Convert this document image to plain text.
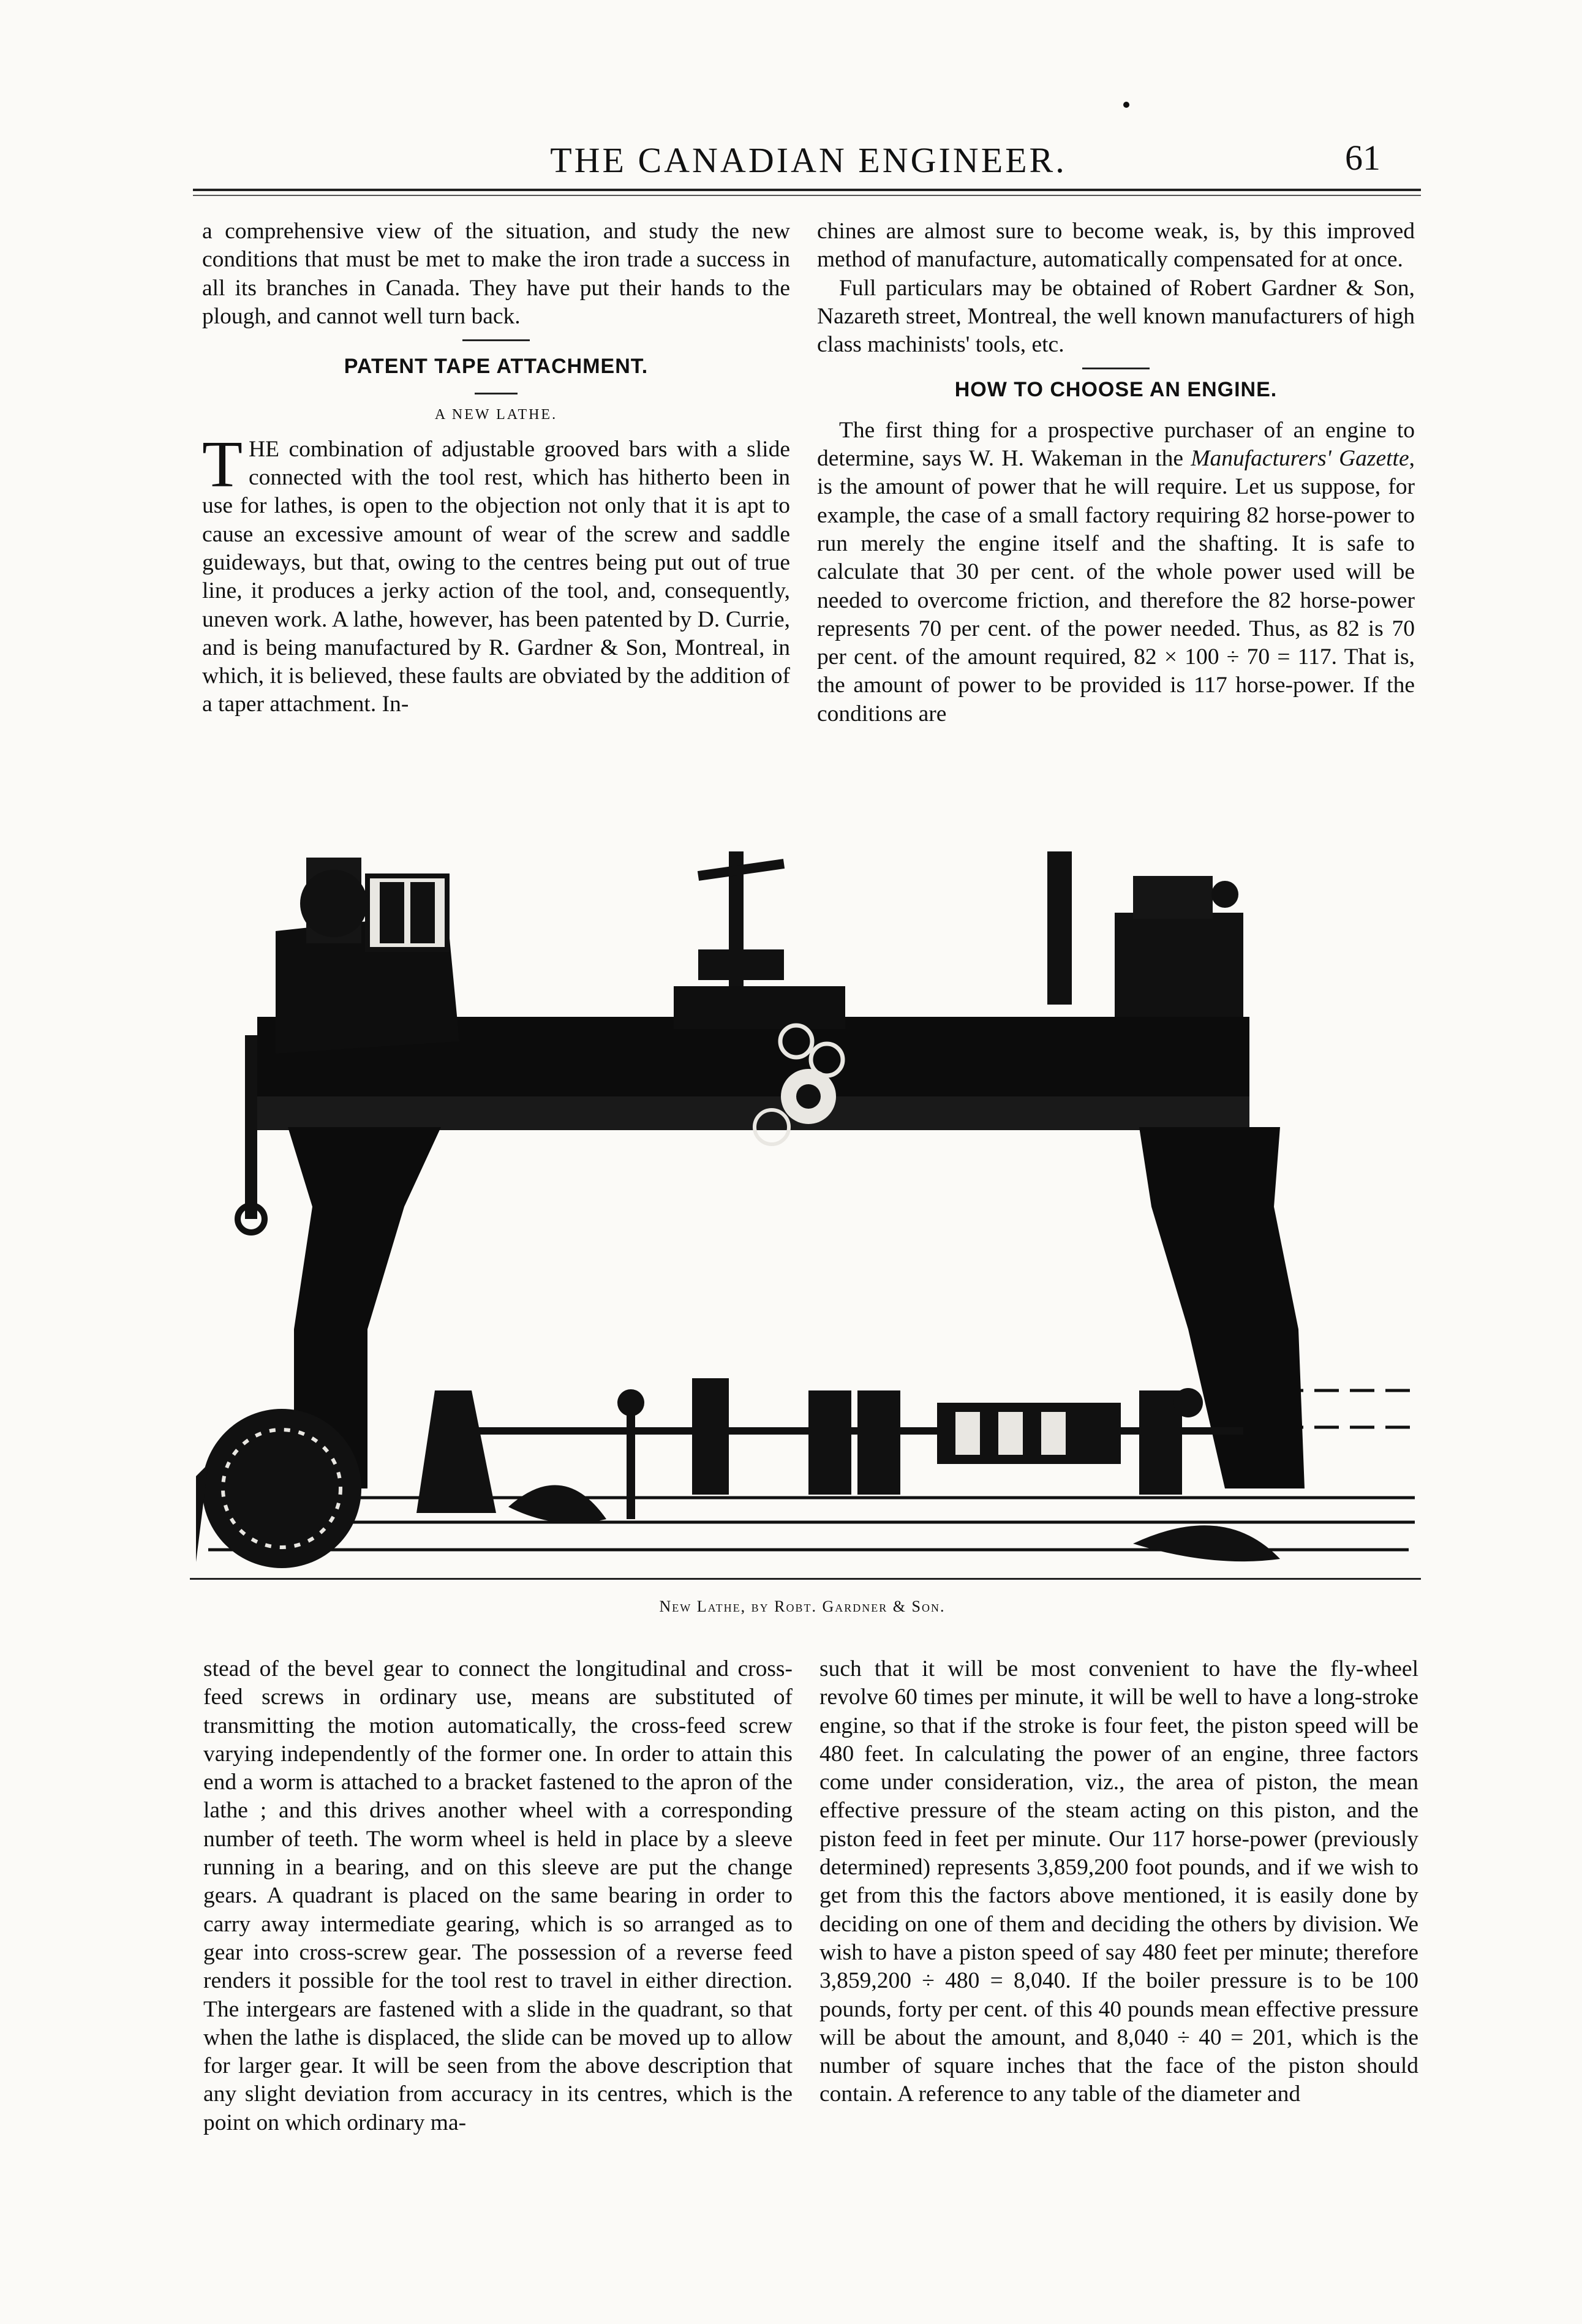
THE CANADIAN ENGINEER.	61

a comprehensive view of the situation, and study the new conditions that must be met to make the iron trade a success in all its branches in Canada. They have put their hands to the plough, and cannot well turn back.

PATENT TAPE ATTACHMENT.
A NEW LATHE.

THE combination of adjustable grooved bars with a slide connected with the tool rest, which has hitherto been in use for lathes, is open to the objection not only that it is apt to cause an excessive amount of wear of the screw and saddle guideways, but that, owing to the centres being put out of true line, it produces a jerky action of the tool, and, consequently, uneven work. A lathe, however, has been patented by D. Currie, and is being manufactured by R. Gardner & Son, Montreal, in which, it is believed, these faults are obviated by the addition of a taper attachment. In-

chines are almost sure to become weak, is, by this improved method of manufacture, automatically compensated for at once.

Full particulars may be obtained of Robert Gardner & Son, Nazareth street, Montreal, the well known manufacturers of high class machinists' tools, etc.

HOW TO CHOOSE AN ENGINE.

The first thing for a prospective purchaser of an engine to determine, says W. H. Wakeman in the Manufacturers' Gazette, is the amount of power that he will require. Let us suppose, for example, the case of a small factory requiring 82 horse-power to run merely the engine itself and the shafting. It is safe to calculate that 30 per cent. of the whole power used will be needed to overcome friction, and therefore the 82 horse-power represents 70 per cent. of the power needed. Thus, as 82 is 70 per cent. of the amount required, 82 × 100 ÷ 70 = 117. That is, the amount of power to be provided is 117 horse-power. If the conditions are

New Lathe, by Robt. Gardner & Son.

stead of the bevel gear to connect the longitudinal and cross-feed screws in ordinary use, means are substituted of transmitting the motion automatically, the cross-feed screw varying independently of the former one. In order to attain this end a worm is attached to a bracket fastened to the apron of the lathe ; and this drives another wheel with a corresponding number of teeth. The worm wheel is held in place by a sleeve running in a bearing, and on this sleeve are put the change gears. A quadrant is placed on the same bearing in order to carry away intermediate gearing, which is so arranged as to gear into cross-screw gear. The possession of a reverse feed renders it possible for the tool rest to travel in either direction. The intergears are fastened with a slide in the quadrant, so that when the lathe is displaced, the slide can be moved up to allow for larger gear. It will be seen from the above description that any slight deviation from accuracy in its centres, which is the point on which ordinary ma-

such that it will be most convenient to have the fly-wheel revolve 60 times per minute, it will be well to have a long-stroke engine, so that if the stroke is four feet, the piston speed will be 480 feet. In calculating the power of an engine, three factors come under consideration, viz., the area of piston, the mean effective pressure of the steam acting on this piston, and the piston feed in feet per minute. Our 117 horse-power (previously determined) represents 3,859,200 foot pounds, and if we wish to get from this the factors above mentioned, it is easily done by deciding on one of them and deciding the others by division. We wish to have a piston speed of say 480 feet per minute; therefore 3,859,200 ÷ 480 = 8,040. If the boiler pressure is to be 100 pounds, forty per cent. of this 40 pounds mean effective pressure will be about the amount, and 8,040 ÷ 40 = 201, which is the number of square inches that the face of the piston should contain. A reference to any table of the diameter and
